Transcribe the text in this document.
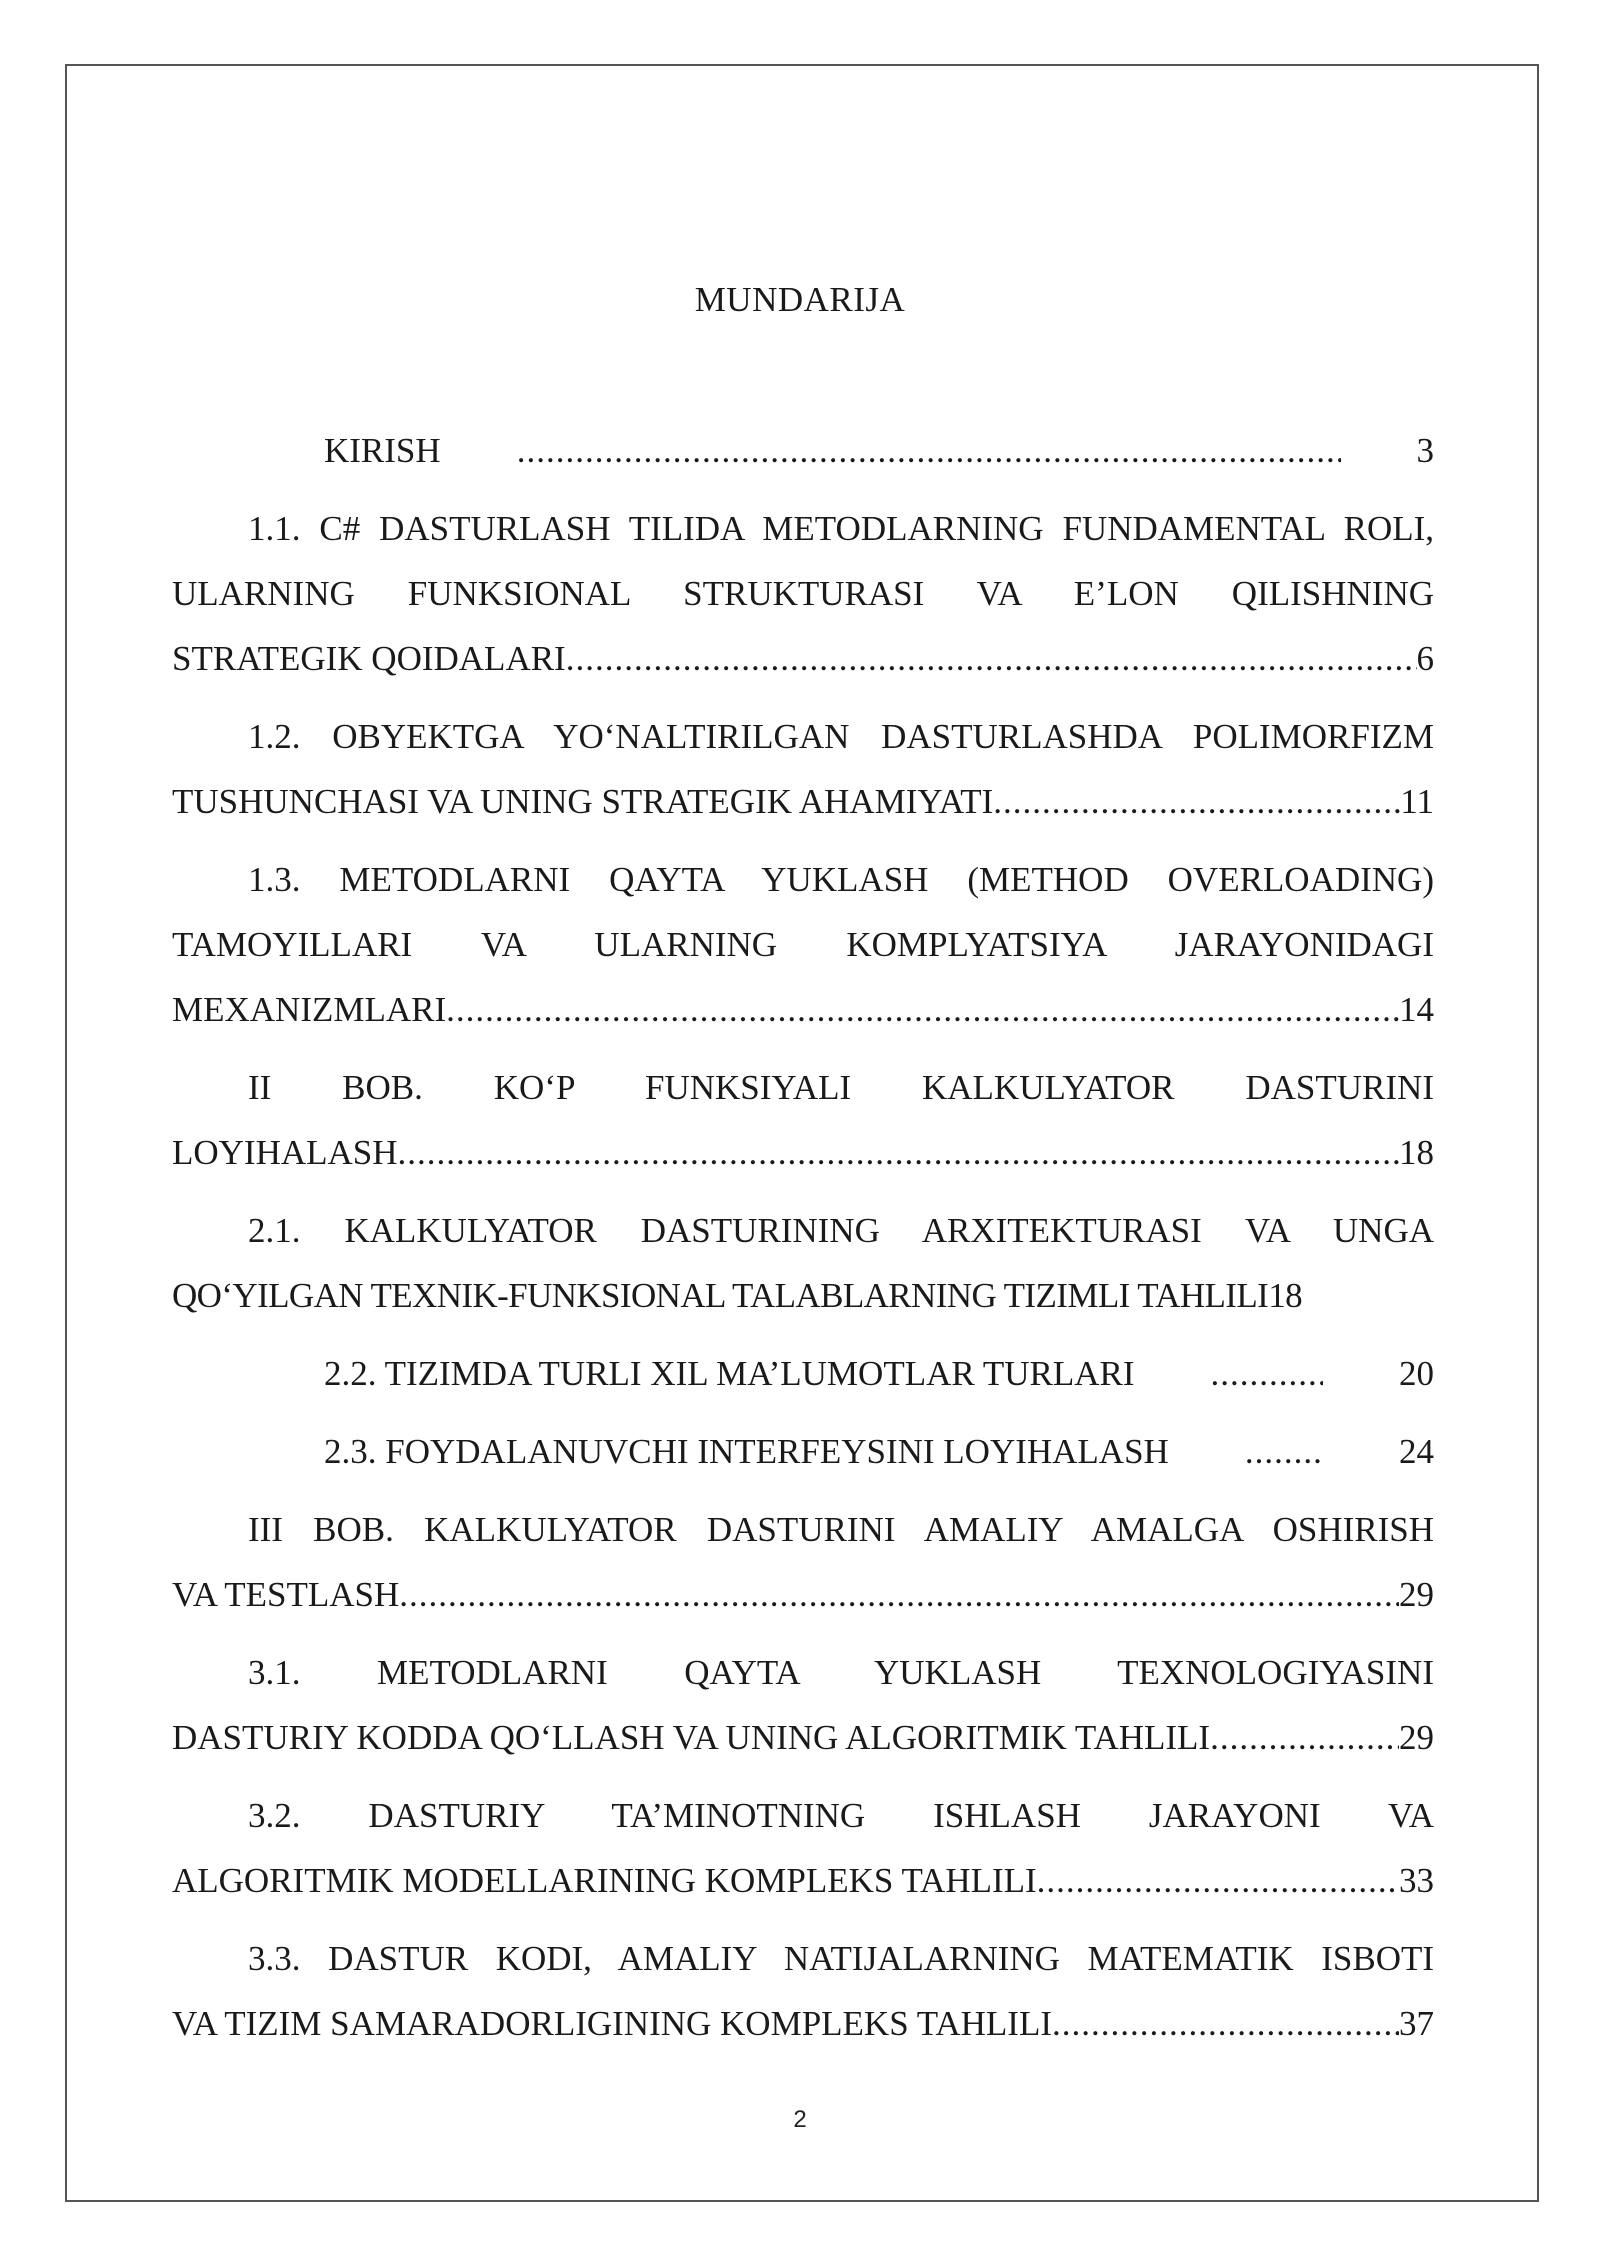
MUNDARIJA
KIRISH .....	3
1.1. C# DASTURLASH TILIDA METODLARNING FUNDAMENTAL ROLI, ULARNING FUNKSIONAL STRUKTURASI VA E’LON QILISHNING
STRATEGIK QOIDALARI .....	6
1.2. OBYEKTGA YO‘NALTIRILGAN DASTURLASHDA POLIMORFIZM
TUSHUNCHASI VA UNING STRATEGIK AHAMIYATI .....	11
1.3. METODLARNI QAYTA YUKLASH (METHOD OVERLOADING) TAMOYILLARI VA ULARNING KOMPLYATSIYA JARAYONIDAGI
MEXANIZMLARI .....	14
II BOB. KO‘P FUNKSIYALI KALKULYATOR DASTURINI
LOYIHALASH .....	18
2.1. KALKULYATOR DASTURINING ARXITEKTURASI VA UNGA
QO‘YILGAN TEXNIK-FUNKSIONAL TALABLARNING TIZIMLI TAHLILI 18
2.2. TIZIMDA TURLI XIL MA’LUMOTLAR TURLARI .....	20
2.3. FOYDALANUVCHI INTERFEYSINI LOYIHALASH .....	24
III BOB. KALKULYATOR DASTURINI AMALIY AMALGA OSHIRISH
VA TESTLASH .....	29
3.1. METODLARNI QAYTA YUKLASH TEXNOLOGIYASINI
DASTURIY KODDA QO‘LLASH VA UNING ALGORITMIK TAHLILI .....	29
3.2. DASTURIY TA’MINOTNING ISHLASH JARAYONI VA
ALGORITMIK MODELLARINING KOMPLEKS TAHLILI .....	33
3.3. DASTUR KODI, AMALIY NATIJALARNING MATEMATIK ISBOTI
VA TIZIM SAMARADORLIGINING KOMPLEKS TAHLILI .....	37
2
